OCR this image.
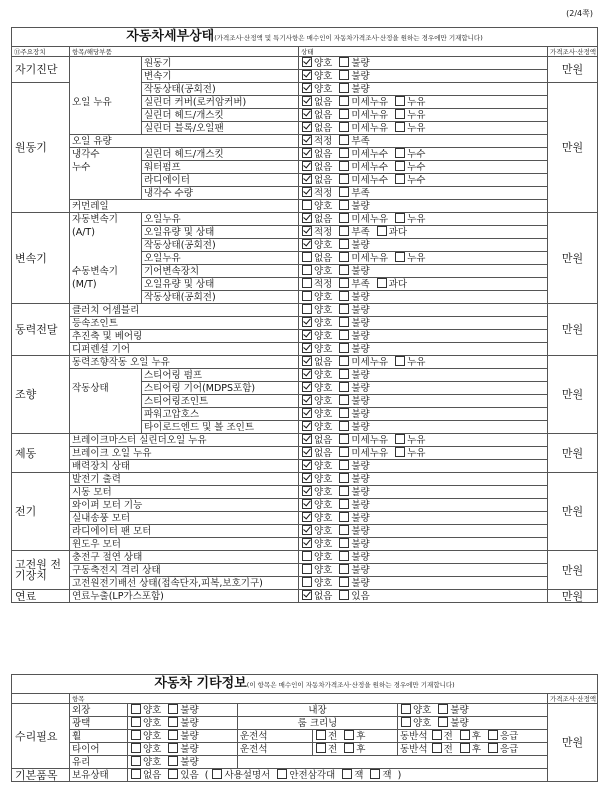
(2/4쪽)
자동차세부상태(가격조사·산정액 및 특기사항은 매수인이 자동차가격조사·산정을 원하는 경우에만 기재합니다)				
⑪주요장치	항목/해당부품		상태	가격조사·산정액
자기진단		원동기	양호 불량	만원
		변속기	양호 불량	
원동기		작동상태(공회전)	양호 불량	만원
	오일 누유	실린더 커버(로커암커버)	없음 미세누유 누유	
		실린더 헤드/개스킷	없음 미세누유 누유	
		실린더 블록/오일팬	없음 미세누유 누유	
	오일 유량		적정 부족	
	냉각수	실린더 헤드/개스킷	없음 미세누수 누수	
	누수	워터펌프	없음 미세누수 누수	
		라디에이터	없음 미세누수 누수	
		냉각수 수량	적정 부족	
	커먼레일		양호 불량	
변속기	자동변속기	오일누유	없음 미세누유 누유	만원
	(A/T)	오일유량 및 상태	적정 부족 과다	
		작동상태(공회전)	양호 불량	
		오일누유	없음 미세누유 누유	
	수동변속기	기어변속장치	양호 불량	
	(M/T)	오일유량 및 상태	적정 부족 과다	
		작동상태(공회전)	양호 불량	
동력전달	클러치 어셈블리		양호 불량	만원
	등속조인트		양호 불량	
	추진축 및 베어링		양호 불량	
	디퍼렌셜 기어		양호 불량	
조향	동력조향작동 오일 누유		없음 미세누유 누유	만원
		스티어링 펌프	양호 불량	
	작동상태	스티어링 기어(MDPS포함)	양호 불량	
		스티어링조인트	양호 불량	
		파워고압호스	양호 불량	
		타이로드엔드 및 볼 조인트	양호 불량	
제동	브레이크마스터 실린더오일 누유		없음 미세누유 누유	만원
	브레이크 오일 누유		없음 미세누유 누유	
	배력장치 상태		양호 불량	
전기	발전기 출력		양호 불량	만원
	시동 모터		양호 불량	
	와이퍼 모터 기능		양호 불량	
	실내송풍 모터		양호 불량	
	라디에이터 팬 모터		양호 불량	
	윈도우 모터		양호 불량	
고전원 전기장치	충전구 절연 상태		양호 불량	만원
	구동축전지 격리 상태		양호 불량	
	고전원전기배선 상태(접속단자,피복,보호기구)		양호 불량	
연료	연료누출(LP가스포함)		없음 있음	만원
자동차 기타정보(이 항목은 매수인이 자동차가격조사·산정을 원하는 경우에만 기재합니다)						
	항목					가격조사·산정액
수리필요	외장	양호 불량	내장		양호 불량	만원
	광택	양호 불량	룸 크리닝		양호 불량	
	휠	양호 불량	운전석	전 후	동반석 전 후 응급	
	타이어	양호 불량	운전석	전 후	동반석 전 후 응급	
	유리	양호 불량				
기본품목	보유상태	없음 있음 ( 사용설명서 안전삼각대 잭 잭 )				
